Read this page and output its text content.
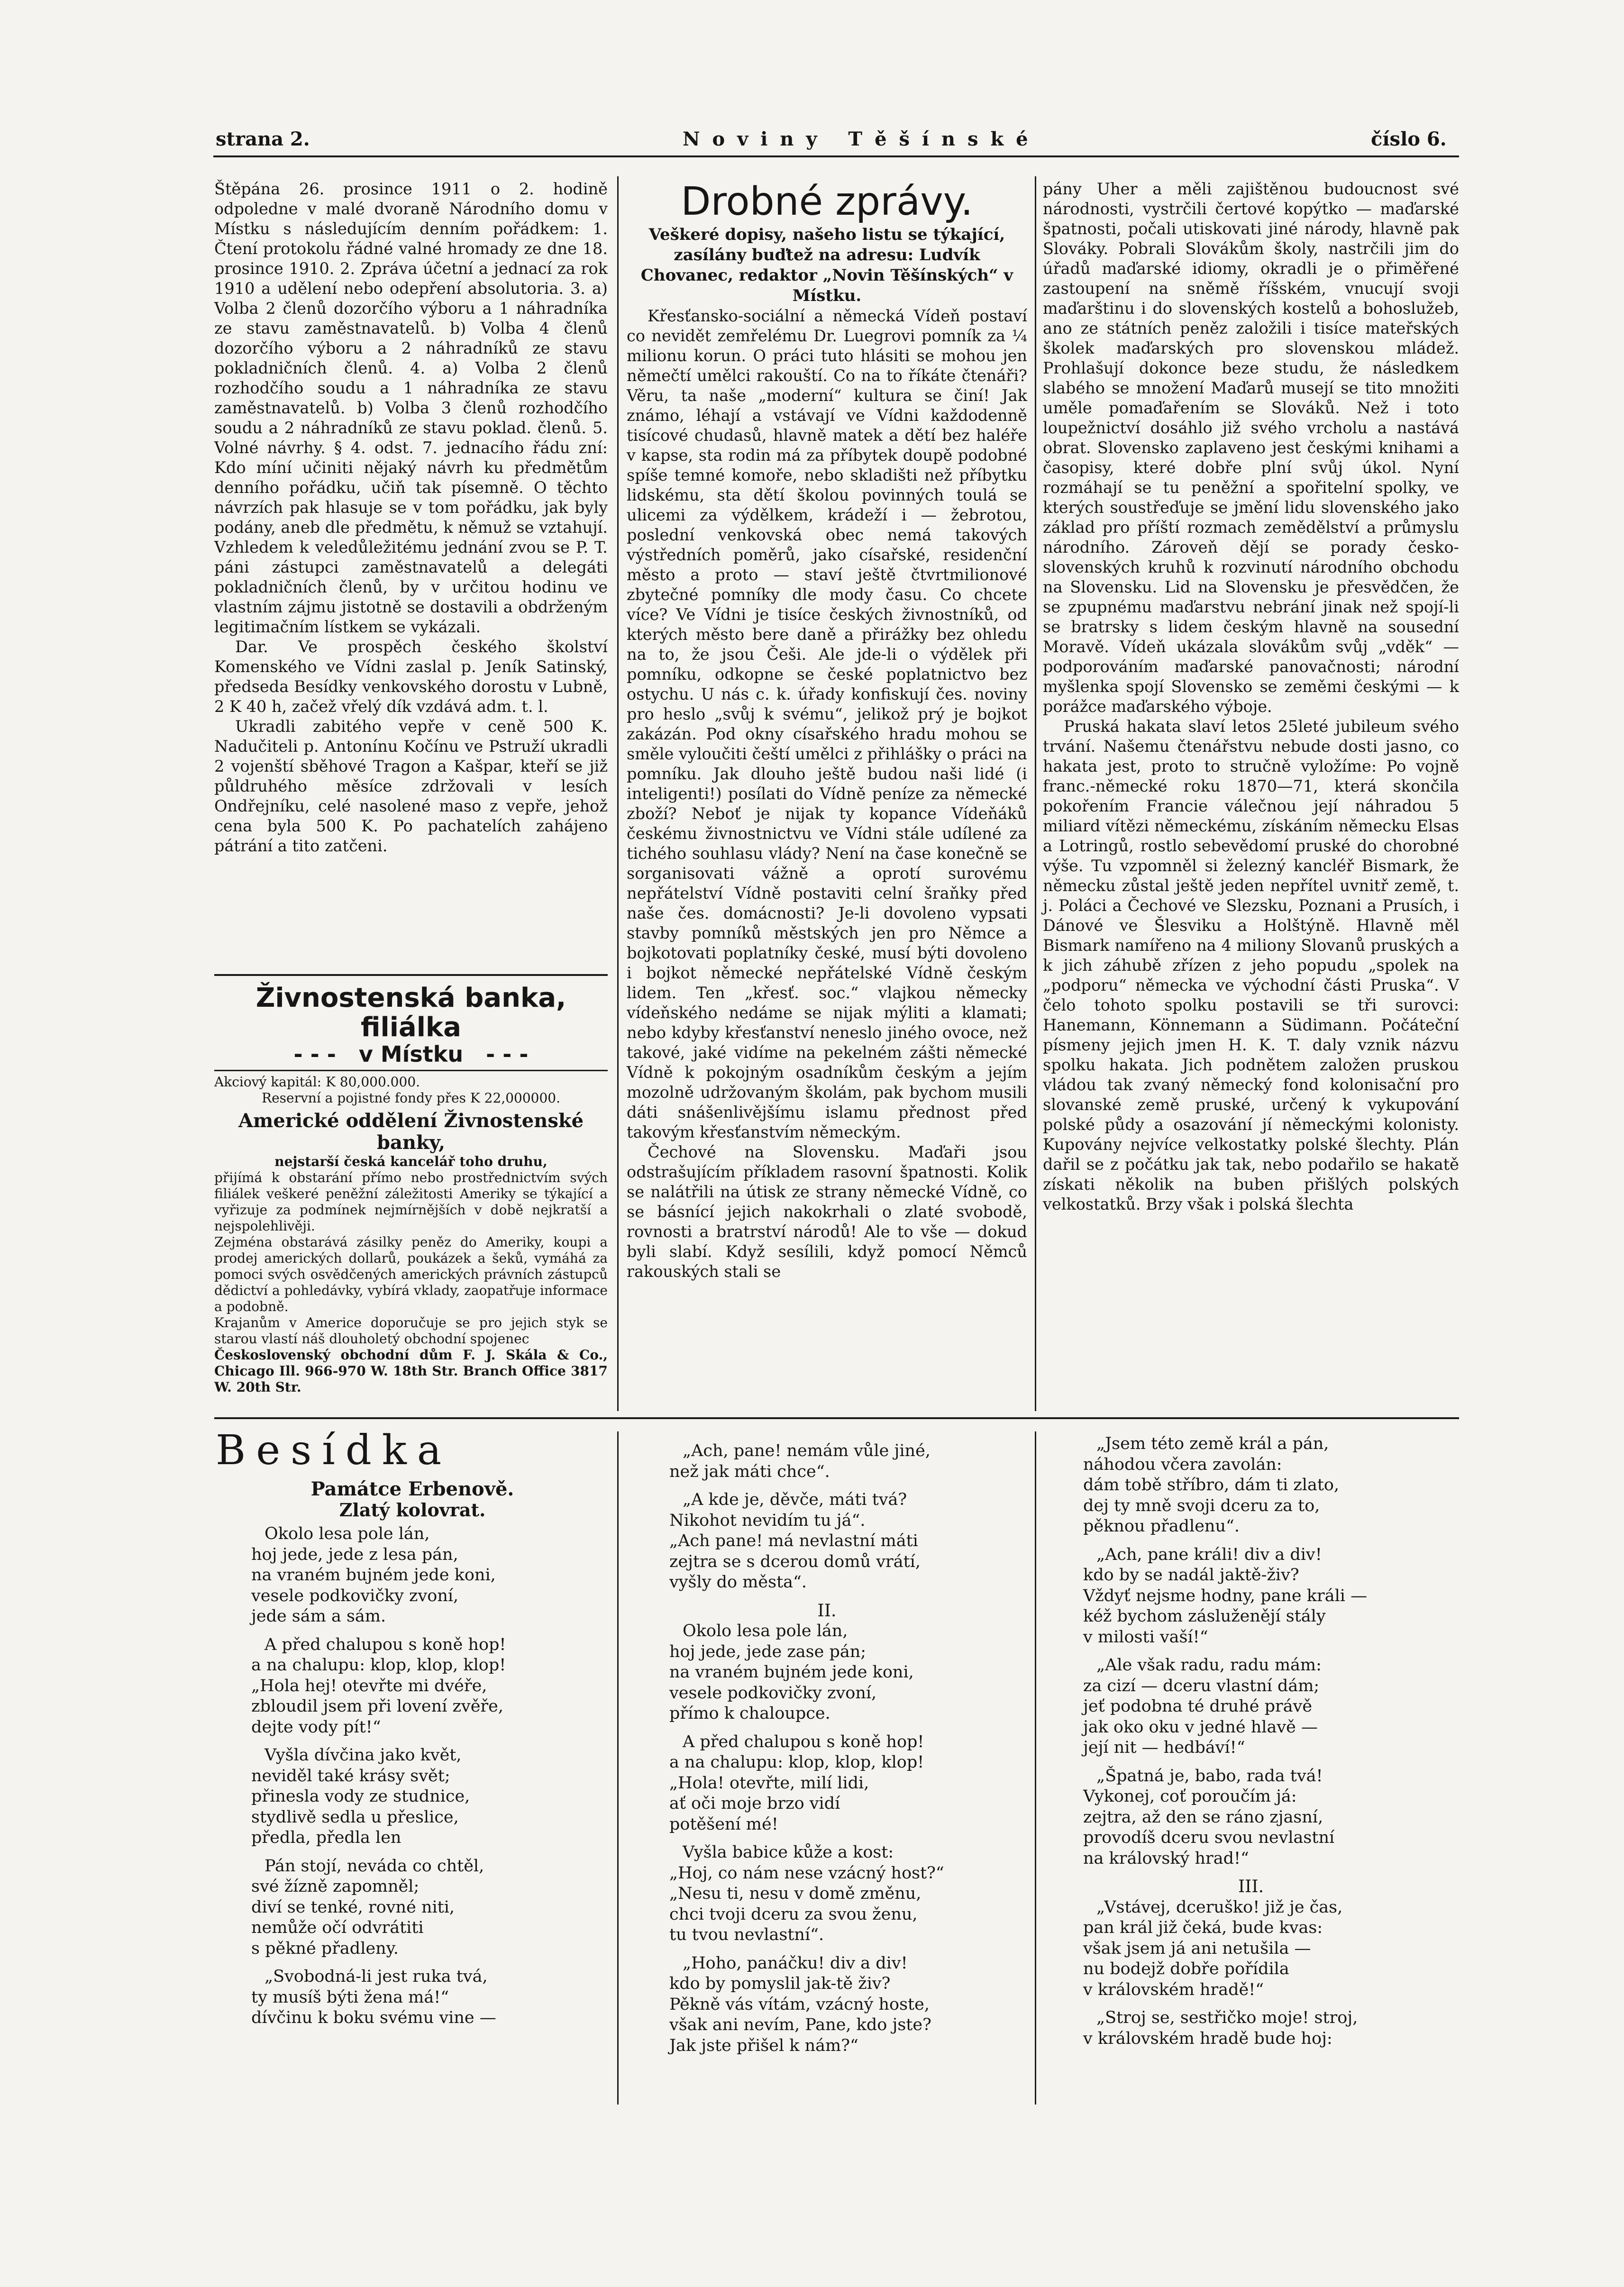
strana 2.	N o v i n y   T ě š í n s k é	číslo 6.

Štěpána 26. prosince 1911 o 2. hodině odpoledne v malé dvoraně Národního domu v Místku s následujícím denním pořádkem: 1. Čtení protokolu řádné valné hromady ze dne 18. prosince 1910. 2. Zpráva účetní a jednací za rok 1910 a udělení nebo odepření absolutoria. 3. a) Volba 2 členů dozorčího výboru a 1 náhradníka ze stavu zaměstnavatelů. b) Volba 4 členů dozorčího výboru a 2 náhradníků ze stavu pokladničních členů. 4. a) Volba 2 členů rozhodčího soudu a 1 náhradníka ze stavu zaměstnavatelů. b) Volba 3 členů rozhodčího soudu a 2 náhradníků ze stavu poklad. členů. 5. Volné návrhy. § 4. odst. 7. jednacího řádu zní: Kdo míní učiniti nějaký návrh ku předmětům denního pořádku, učiň tak písemně. O těchto návrzích pak hlasuje se v tom pořádku, jak byly podány, aneb dle předmětu, k němuž se vztahují. Vzhledem k veledůležitému jednání zvou se P. T. páni zástupci zaměstnavatelů a delegáti pokladničních členů, by v určitou hodinu ve vlastním zájmu jistotně se dostavili a obdrženým legitimačním lístkem se vykázali.

Dar. Ve prospěch českého školství Komenského ve Vídni zaslal p. Jeník Satinský, předseda Besídky venkovského dorostu v Lubně, 2 K 40 h, začež vřelý dík vzdává adm. t. l.

Ukradli zabitého vepře v ceně 500 K. Nadučiteli p. Antonínu Kočínu ve Pstruží ukradli 2 vojenští sběhové Tragon a Kašpar, kteří se již půldruhého měsíce zdržovali v lesích Ondřejníku, celé nasolené maso z vepře, jehož cena byla 500 K. Po pachatelích zahájeno pátrání a tito zatčeni.

Živnostenská banka, filiálka
- - -   v Místku   - - -
Akciový kapitál: K 80,000.000.
Reservní a pojistné fondy přes K 22,000000.
Americké oddělení Živnostenské
banky,
nejstarší česká kancelář toho druhu,
přijímá k obstarání přímo nebo prostřednictvím svých filiálek veškeré peněžní záležitosti Ameriky se týkající a vyřizuje za podmínek nejmírnějších v době nejkratší a nejspolehlivěji.
Zejména obstarává zásilky peněz do Ameriky, koupi a prodej amerických dollarů, poukázek a šeků, vymáhá za pomoci svých osvědčených amerických právních zástupců dědictví a pohledávky, vybírá vklady, zaopatřuje informace a podobně.
Krajanům v Americe doporučuje se pro jejich styk se starou vlastí náš dlouholetý obchodní spojenec
Československý obchodní dům F. J. Skála & Co., Chicago Ill. 966-970 W. 18th Str. Branch Office 3817 W. 20th Str.
Drobné zprávy.
Veškeré dopisy, našeho listu se týkající, zasílány buďtež na adresu: Ludvík Chovanec, redaktor „Novin Těšínských“ v Místku.

Křesťansko-sociální a německá Vídeň postaví co nevidět zemřelému Dr. Luegrovi pomník za ¼ milionu korun. O práci tuto hlásiti se mohou jen němečtí umělci rakouští. Co na to říkáte čtenáři? Věru, ta naše „moderní“ kultura se činí! Jak známo, léhají a vstávají ve Vídni každodenně tisícové chudasů, hlavně matek a dětí bez haléře v kapse, sta rodin má za příbytek doupě podobné spíše temné komoře, nebo skladišti než příbytku lidskému, sta dětí školou povinných toulá se ulicemi za výdělkem, krádeží i — žebrotou, poslední venkovská obec nemá takových výstředních poměrů, jako císařské, residenční město a proto — staví ještě čtvrtmilionové zbytečné pomníky dle mody času. Co chcete více? Ve Vídni je tisíce českých živnostníků, od kterých město bere daně a přirážky bez ohledu na to, že jsou Češi. Ale jde-li o výdělek při pomníku, odkopne se české poplatnictvo bez ostychu. U nás c. k. úřady konfiskují čes. noviny pro heslo „svůj k svému“, jelikož prý je bojkot zakázán. Pod okny císařského hradu mohou se směle vyloučiti čeští umělci z přihlášky o práci na pomníku. Jak dlouho ještě budou naši lidé (i inteligenti!) posílati do Vídně peníze za německé zboží? Neboť je nijak ty kopance Vídeňáků českému živnostnictvu ve Vídni stále udílené za tichého souhlasu vlády? Není na čase konečně se sorganisovati vážně a oprotí surovému nepřátelství Vídně postaviti celní šraňky před naše čes. domácnosti? Je-li dovoleno vypsati stavby pomníků městských jen pro Němce a bojkotovati poplatníky české, musí býti dovoleno i bojkot německé nepřátelské Vídně českým lidem. Ten „křesť. soc.“ vlajkou německy vídeňského nedáme se nijak mýliti a klamati; nebo kdyby křesťanství neneslo jiného ovoce, než takové, jaké vidíme na pekelném zášti německé Vídně k pokojným osadníkům českým a jejím mozolně udržovaným školám, pak bychom musili dáti snášenlivějšímu islamu přednost před takovým křesťanstvím německým.

Čechové na Slovensku. Maďaři jsou odstrašujícím příkladem rasovní špatnosti. Kolik se nalátřili na útisk ze strany německé Vídně, co se básnící jejich nakokrhali o zlaté svobodě, rovnosti a bratrství národů! Ale to vše — dokud byli slabí. Když sesílili, když pomocí Němců rakouských stali se

pány Uher a měli zajištěnou budoucnost své národnosti, vystrčili čertové kopýtko — maďarské špatnosti, počali utiskovati jiné národy, hlavně pak Slováky. Pobrali Slovákům školy, nastrčili jim do úřadů maďarské idiomy, okradli je o přiměřené zastoupení na sněmě říšském, vnucují svoji maďarštinu i do slovenských kostelů a bohoslužeb, ano ze státních peněz založili i tisíce mateřských školek maďarských pro slovenskou mládež. Prohlašují dokonce beze studu, že následkem slabého se množení Maďarů musejí se tito množiti uměle pomaďařením se Slováků. Než i toto loupežnictví dosáhlo již svého vrcholu a nastává obrat. Slovensko zaplaveno jest českými knihami a časopisy, které dobře plní svůj úkol. Nyní rozmáhají se tu peněžní a spořitelní spolky, ve kterých soustřeďuje se jmění lidu slovenského jako základ pro příští rozmach zemědělství a průmyslu národního. Zároveň dějí se porady česko-slovenských kruhů k rozvinutí národního obchodu na Slovensku. Lid na Slovensku je přesvědčen, že se zpupnému maďarstvu nebrání jinak než spojí-li se bratrsky s lidem českým hlavně na sousední Moravě. Vídeň ukázala slovákům svůj „vděk“ — podporováním maďarské panovačnosti; národní myšlenka spojí Slovensko se zeměmi českými — k porážce maďarského výboje.

Pruská hakata slaví letos 25leté jubileum svého trvání. Našemu čtenářstvu nebude dosti jasno, co hakata jest, proto to stručně vyložíme: Po vojně franc.-německé roku 1870—71, která skončila pokořením Francie válečnou její náhradou 5 miliard vítězi německému, získáním německu Elsas a Lotringů, rostlo sebevědomí pruské do chorobné výše. Tu vzpomněl si železný kancléř Bismark, že německu zůstal ještě jeden nepřítel uvnitř země, t. j. Poláci a Čechové ve Slezsku, Poznani a Prusích, i Dánové ve Šlesviku a Holštýně. Hlavně měl Bismark namířeno na 4 miliony Slovanů pruských a k jich záhubě zřízen z jeho popudu „spolek na „podporu“ německa ve východní části Pruska“. V čelo tohoto spolku postavili se tři surovci: Hanemann, Könnemann a Südimann. Počáteční písmeny jejich jmen H. K. T. daly vznik názvu spolku hakata. Jich podnětem založen pruskou vládou tak zvaný německý fond kolonisační pro slovanské země pruské, určený k vykupování polské půdy a osazování jí německými kolonisty. Kupovány nejvíce velkostatky polské šlechty. Plán dařil se z počátku jak tak, nebo podařilo se hakatě získati několik na buben přišlých polských velkostatků. Brzy však i polská šlechta

Besídka
Památce Erbenově.
Zlatý kolovrat.
Okolo lesa pole lán,
hoj jede, jede z lesa pán,
na vraném bujném jede koni,
vesele podkovičky zvoní,
jede sám a sám.
A před chalupou s koně hop!
a na chalupu: klop, klop, klop!
„Hola hej! otevřte mi dvéře,
zbloudil jsem při lovení zvěře,
dejte vody pít!“
Vyšla dívčina jako květ,
neviděl také krásy svět;
přinesla vody ze studnice,
stydlivě sedla u přeslice,
předla, předla len
Pán stojí, neváda co chtěl,
své žízně zapomněl;
diví se tenké, rovné niti,
nemůže očí odvrátiti
s pěkné přadleny.
„Svobodná-li jest ruka tvá,
ty musíš býti žena má!“
dívčinu k boku svému vine —
„Ach, pane! nemám vůle jiné,
než jak máti chce“.
„A kde je, děvče, máti tvá?
Nikohot nevidím tu já“.
„Ach pane! má nevlastní máti
zejtra se s dcerou domů vrátí,
vyšly do města“.
II.
Okolo lesa pole lán,
hoj jede, jede zase pán;
na vraném bujném jede koni,
vesele podkovičky zvoní,
přímo k chaloupce.
A před chalupou s koně hop!
a na chalupu: klop, klop, klop!
„Hola! otevřte, milí lidi,
ať oči moje brzo vidí
potěšení mé!
Vyšla babice kůže a kost:
„Hoj, co nám nese vzácný host?“
„Nesu ti, nesu v domě změnu,
chci tvoji dceru za svou ženu,
tu tvou nevlastní“.
„Hoho, panáčku! div a div!
kdo by pomyslil jak-tě živ?
Pěkně vás vítám, vzácný hoste,
však ani nevím, Pane, kdo jste?
Jak jste přišel k nám?“
„Jsem této země král a pán,
náhodou včera zavolán:
dám tobě stříbro, dám ti zlato,
dej ty mně svoji dceru za to,
pěknou přadlenu“.
„Ach, pane králi! div a div!
kdo by se nadál jaktě-živ?
Vždyť nejsme hodny, pane králi —
kéž bychom zásluženějí stály
v milosti vaší!“
„Ale však radu, radu mám:
za cizí — dceru vlastní dám;
jeť podobna té druhé právě
jak oko oku v jedné hlavě —
její nit — hedbáví!“
„Špatná je, babo, rada tvá!
Vykonej, coť poroučím já:
zejtra, až den se ráno zjasní,
provodíš dceru svou nevlastní
na královský hrad!“
III.
„Vstávej, dceruško! již je čas,
pan král již čeká, bude kvas:
však jsem já ani netušila —
nu bodejž dobře pořídila
v královském hradě!“
„Stroj se, sestřičko moje! stroj,
v královském hradě bude hoj:
